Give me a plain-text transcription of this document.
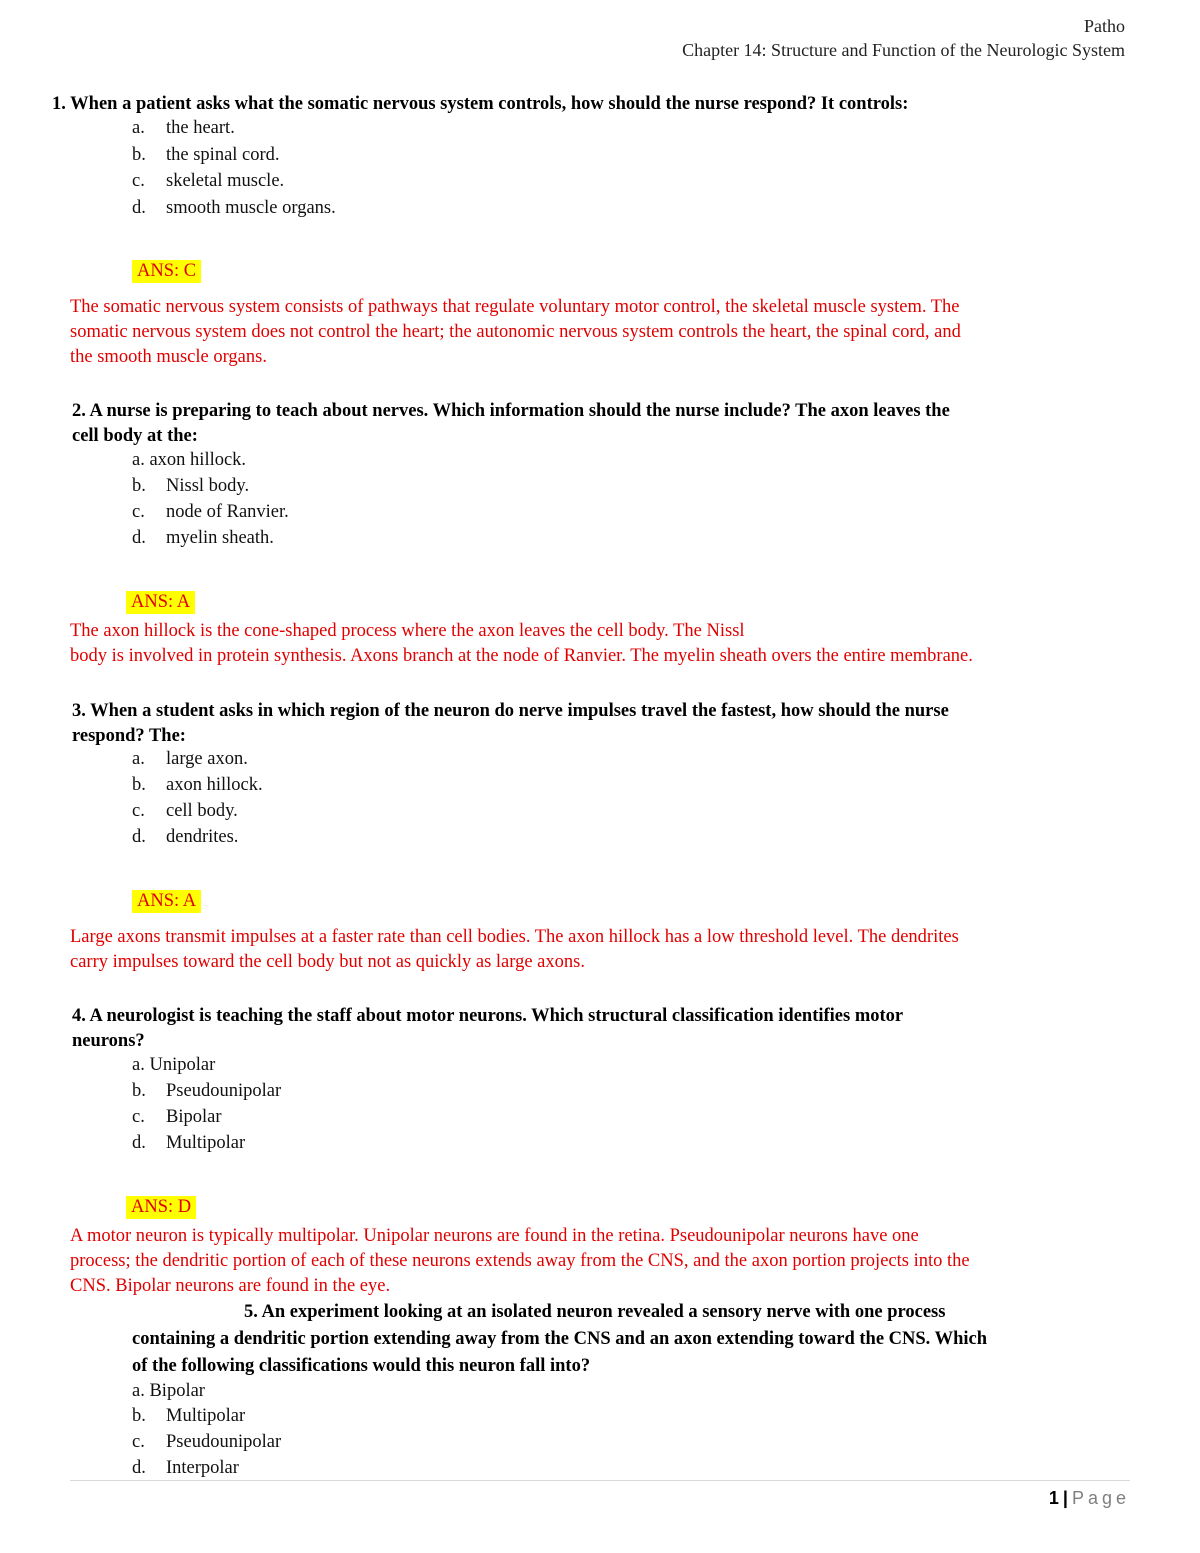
Patho
Chapter 14: Structure and Function of the Neurologic System
1. When a patient asks what the somatic nervous system controls, how should the nurse respond? It controls:
a. the heart.
b. the spinal cord.
c. skeletal muscle.
d. smooth muscle organs.
ANS: C
The somatic nervous system consists of pathways that regulate voluntary motor control, the skeletal muscle system. The
somatic nervous system does not control the heart; the autonomic nervous system controls the heart, the spinal cord, and
the smooth muscle organs.
2. A nurse is preparing to teach about nerves. Which information should the nurse include? The axon leaves the
cell body at the:
a. axon hillock.
b. Nissl body.
c. node of Ranvier.
d. myelin sheath.
ANS: A
The axon hillock is the cone-shaped process where the axon leaves the cell body. The Nissl
body is involved in protein synthesis. Axons branch at the node of Ranvier. The myelin sheath overs the entire membrane.
3. When a student asks in which region of the neuron do nerve impulses travel the fastest, how should the nurse
respond? The:
a. large axon.
b. axon hillock.
c. cell body.
d. dendrites.
ANS: A
Large axons transmit impulses at a faster rate than cell bodies. The axon hillock has a low threshold level. The dendrites
carry impulses toward the cell body but not as quickly as large axons.
4. A neurologist is teaching the staff about motor neurons. Which structural classification identifies motor
neurons?
a. Unipolar
b. Pseudounipolar
c. Bipolar
d. Multipolar
ANS: D
A motor neuron is typically multipolar. Unipolar neurons are found in the retina. Pseudounipolar neurons have one
process; the dendritic portion of each of these neurons extends away from the CNS, and the axon portion projects into the
CNS. Bipolar neurons are found in the eye.
5. An experiment looking at an isolated neuron revealed a sensory nerve with one process
containing a dendritic portion extending away from the CNS and an axon extending toward the CNS. Which
of the following classifications would this neuron fall into?
a. Bipolar
b. Multipolar
c. Pseudounipolar
d. Interpolar
1 | Page
